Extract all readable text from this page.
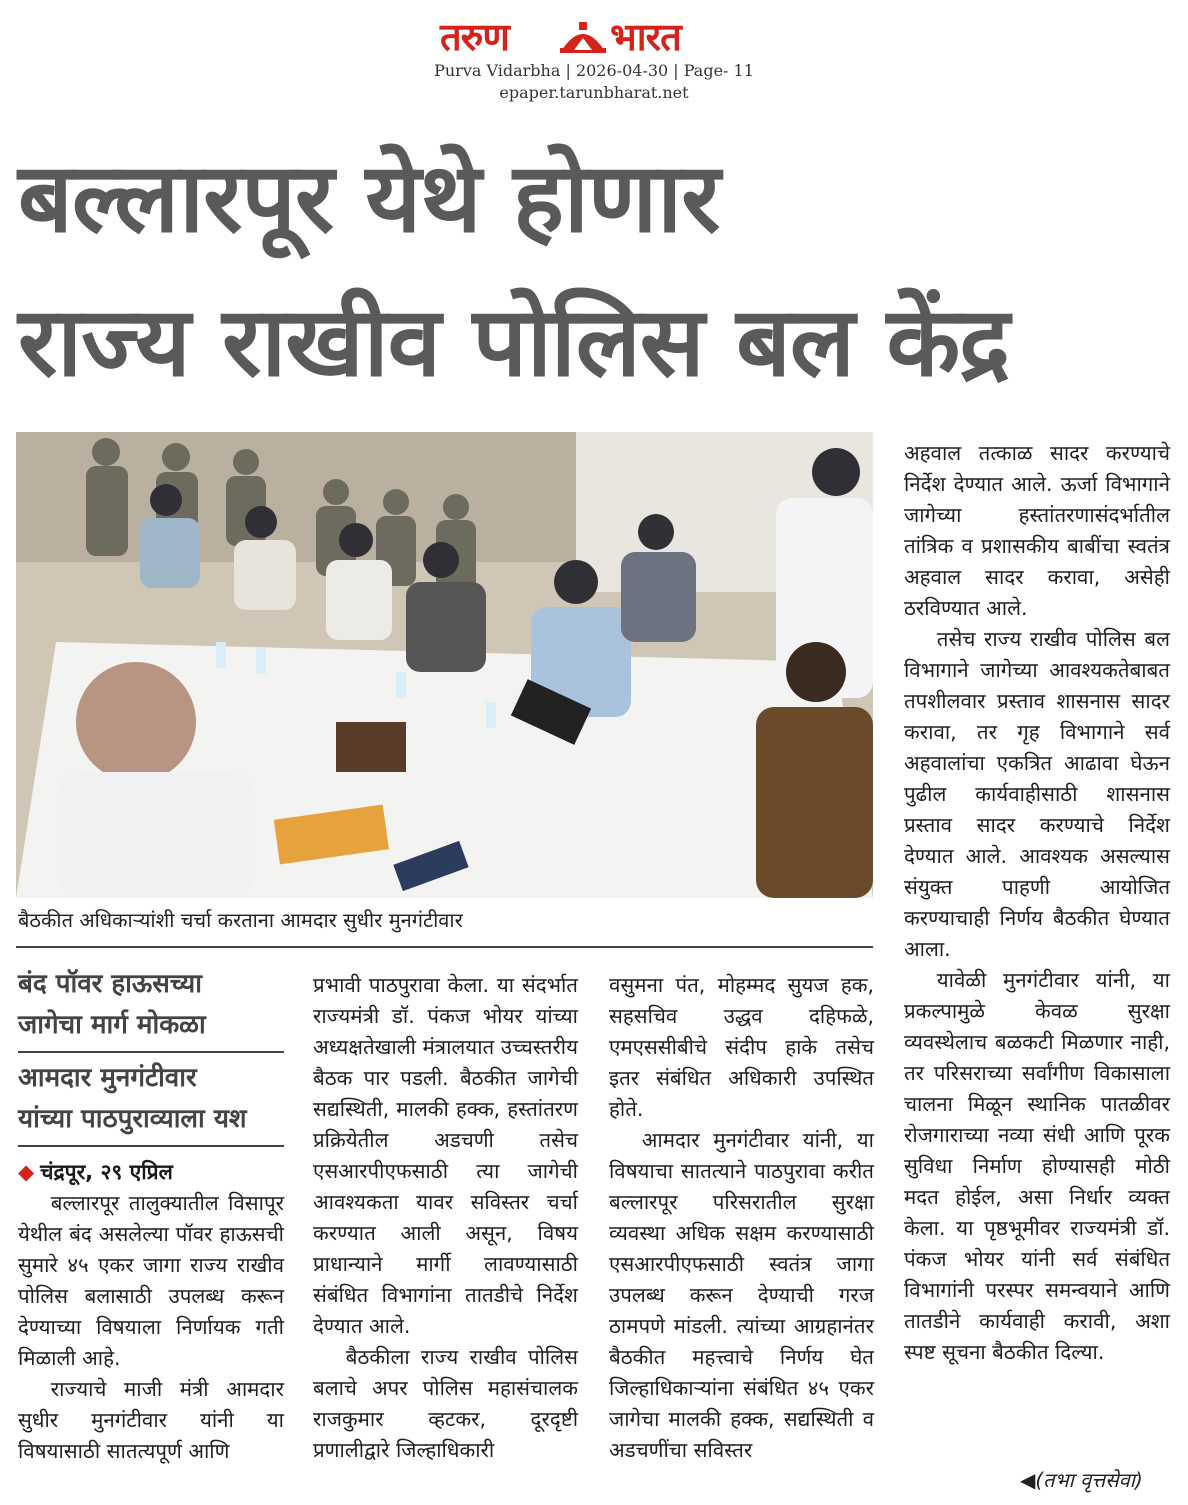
तरुण	भारत
Purva Vidarbha | 2026-04-30 | Page- 11
epaper.tarunbharat.net
बल्लारपूर येथे होणार
राज्य राखीव पोलिस बल केंद्र
बैठकीत अधिकाऱ्यांशी चर्चा करताना आमदार सुधीर मुनगंटीवार
बंद पॉवर हाऊसच्या
जागेचा मार्ग मोकळा
आमदार मुनगंटीवार
यांच्या पाठपुराव्याला यश
◆ चंद्रपूर, २९ एप्रिल

बल्लारपूर तालुक्यातील विसापूर येथील बंद असलेल्या पॉवर हाऊसची सुमारे ४५ एकर जागा राज्य राखीव पोलिस बलासाठी उपलब्ध करून देण्याच्या विषयाला निर्णायक गती मिळाली आहे.

राज्याचे माजी मंत्री आमदार सुधीर मुनगंटीवार यांनी या विषयासाठी सातत्यपूर्ण आणि

प्रभावी पाठपुरावा केला. या संदर्भात राज्यमंत्री डॉ. पंकज भोयर यांच्या अध्यक्षतेखाली मंत्रालयात उच्चस्तरीय बैठक पार पडली. बैठकीत जागेची सद्यस्थिती, मालकी हक्क, हस्तांतरण प्रक्रियेतील अडचणी तसेच एसआरपीएफसाठी त्या जागेची आवश्यकता यावर सविस्तर चर्चा करण्यात आली असून, विषय प्राधान्याने मार्गी लावण्यासाठी संबंधित विभागांना तातडीचे निर्देश देण्यात आले.

बैठकीला राज्य राखीव पोलिस बलाचे अपर पोलिस महासंचालक राजकुमार व्हटकर, दूरदृष्टी प्रणालीद्वारे जिल्हाधिकारी

वसुमना पंत, मोहम्मद सुयज हक, सहसचिव उद्धव दहिफळे, एमएससीबीचे संदीप हाके तसेच इतर संबंधित अधिकारी उपस्थित होते.

आमदार मुनगंटीवार यांनी, या विषयाचा सातत्याने पाठपुरावा करीत बल्लारपूर परिसरातील सुरक्षा व्यवस्था अधिक सक्षम करण्यासाठी एसआरपीएफसाठी स्वतंत्र जागा उपलब्ध करून देण्याची गरज ठामपणे मांडली. त्यांच्या आग्रहानंतर बैठकीत महत्त्वाचे निर्णय घेत जिल्हाधिकाऱ्यांना संबंधित ४५ एकर जागेचा मालकी हक्क, सद्यस्थिती व अडचणींचा सविस्तर

अहवाल तत्काळ सादर करण्याचे निर्देश देण्यात आले. ऊर्जा विभागाने जागेच्या हस्तांतरणासंदर्भातील तांत्रिक व प्रशासकीय बाबींचा स्वतंत्र अहवाल सादर करावा, असेही ठरविण्यात आले.

तसेच राज्य राखीव पोलिस बल विभागाने जागेच्या आवश्यकतेबाबत तपशीलवार प्रस्ताव शासनास सादर करावा, तर गृह विभागाने सर्व अहवालांचा एकत्रित आढावा घेऊन पुढील कार्यवाहीसाठी शासनास प्रस्ताव सादर करण्याचे निर्देश देण्यात आले. आवश्यक असल्यास संयुक्त पाहणी आयोजित करण्याचाही निर्णय बैठकीत घेण्यात आला.

यावेळी मुनगंटीवार यांनी, या प्रकल्पामुळे केवळ सुरक्षा व्यवस्थेलाच बळकटी मिळणार नाही, तर परिसराच्या सर्वांगीण विकासाला चालना मिळून स्थानिक पातळीवर रोजगाराच्या नव्या संधी आणि पूरक सुविधा निर्माण होण्यासही मोठी मदत होईल, असा निर्धार व्यक्त केला. या पृष्ठभूमीवर राज्यमंत्री डॉ. पंकज भोयर यांनी सर्व संबंधित विभागांनी परस्पर समन्वयाने आणि तातडीने कार्यवाही करावी, अशा स्पष्ट सूचना बैठकीत दिल्या.

◀(तभा वृत्तसेवा)
